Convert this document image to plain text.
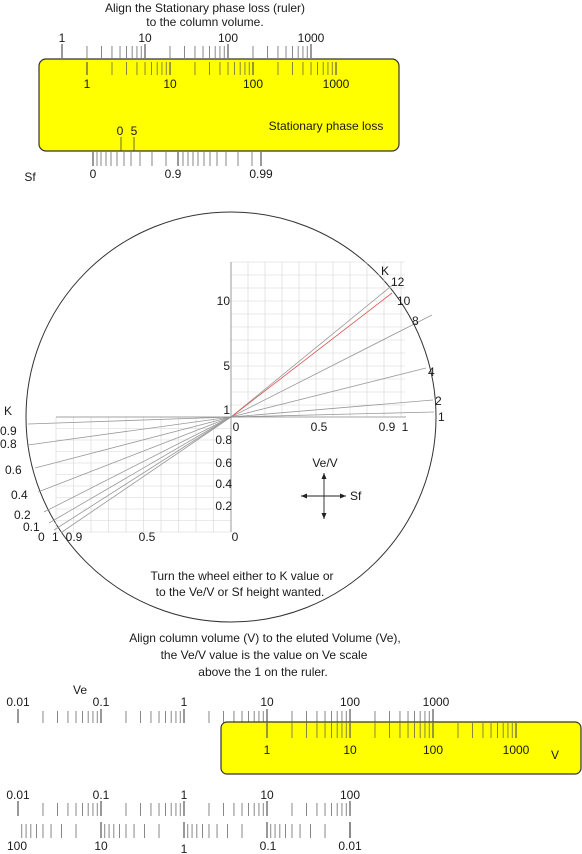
Align the Stationary phase loss (ruler)
to the column volume.
1	10	100	1000
1	10	100	1000
Stationary phase loss
0 5
Sf	0	0.9	0.99
K
12
10
8
4
2
1
10
5
1
0	0.5	0.9 1
0.8
0.6
0.4
0.2
0
0.9	0.5
K
0.9
0.8
0.6
0.4
0.2
0.1
0 1
Ve/V
Sf
Turn the wheel either to K value or
to the Ve/V or Sf height wanted.
Align column volume (V) to the eluted Volume (Ve),
the Ve/V value is the value on Ve scale
above the 1 on the ruler.
Ve
0.01	0.1	1	10	100	1000
1	10	100	1000 V
0.01	0.1	1	10	100
100	10	1	0.1	0.01
